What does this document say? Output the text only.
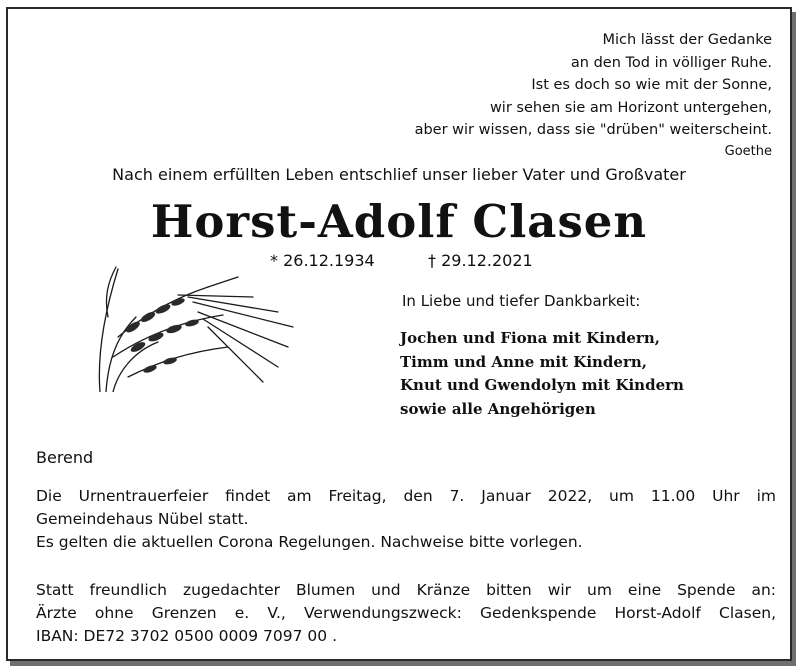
Mich lässt der Gedanke
an den Tod in völliger Ruhe.
Ist es doch so wie mit der Sonne,
wir sehen sie am Horizont untergehen,
aber wir wissen, dass sie "drüben" weiterscheint.
Goethe
Nach einem erfüllten Leben entschlief unser lieber Vater und Großvater
Horst-Adolf Clasen
* 26.12.1934	† 29.12.2021
In Liebe und tiefer Dankbarkeit:
Jochen und Fiona mit Kindern,
Timm und Anne mit Kindern,
Knut und Gwendolyn mit Kindern
sowie alle Angehörigen
Berend
Die Urnentrauerfeier findet am Freitag, den 7. Januar 2022, um 11.00 Uhr im
Gemeindehaus Nübel statt.
Es gelten die aktuellen Corona Regelungen. Nachweise bitte vorlegen.
Statt freundlich zugedachter Blumen und Kränze bitten wir um eine Spende an:
Ärzte ohne Grenzen e. V., Verwendungszweck: Gedenkspende Horst-Adolf Clasen,
IBAN: DE72 3702 0500 0009 7097 00 .
